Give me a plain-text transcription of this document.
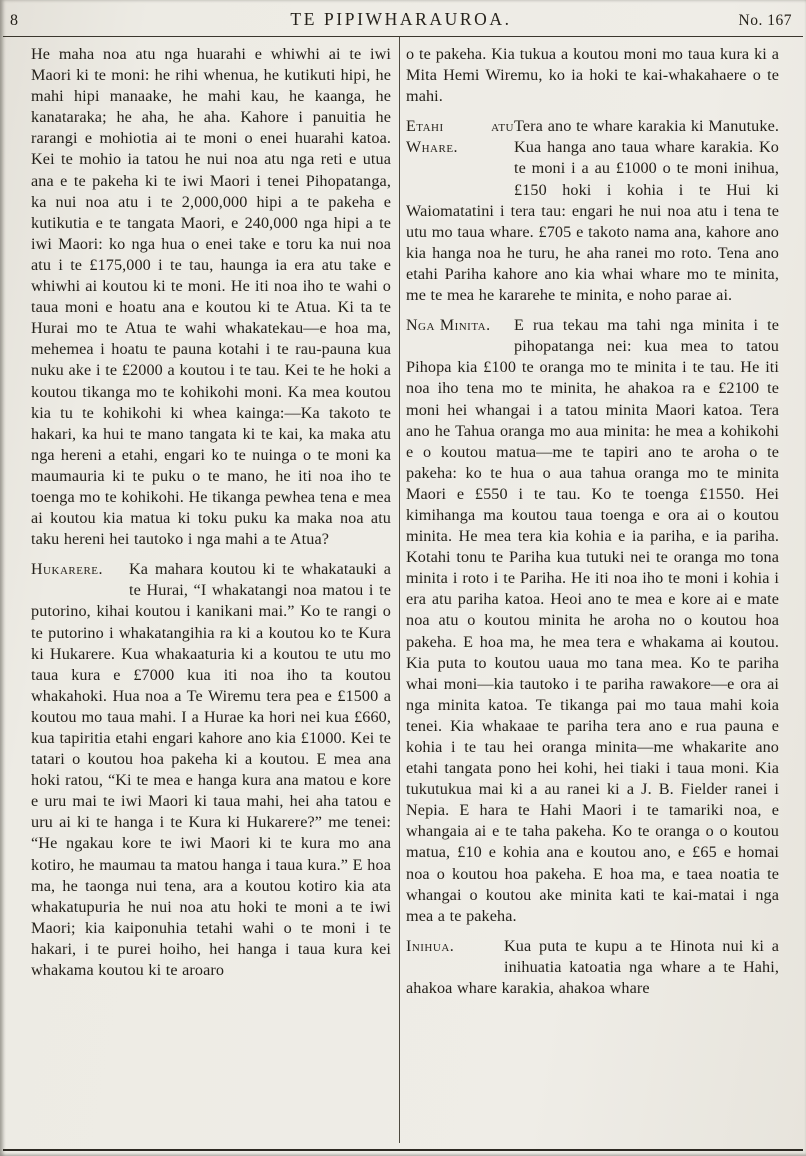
8	TE PIPIWHARAUROA.	No. 167

He maha noa atu nga huarahi e whiwhi ai te iwi Maori ki te moni: he rihi whenua, he kutikuti hipi, he mahi hipi manaake, he mahi kau, he kaanga, he kanataraka; he aha, he aha. Kahore i panuitia he rarangi e mohiotia ai te moni o enei huarahi katoa. Kei te mohio ia tatou he nui noa atu nga reti e utua ana e te pakeha ki te iwi Maori i tenei Pihopatanga, ka nui noa atu i te 2,000,000 hipi a te pakeha e kutikutia e te tangata Maori, e 240,000 nga hipi a te iwi Maori: ko nga hua o enei take e toru ka nui noa atu i te £175,000 i te tau, haunga ia era atu take e whiwhi ai koutou ki te moni. He iti noa iho te wahi o taua moni e hoatu ana e koutou ki te Atua. Ki ta te Hurai mo te Atua te wahi whakatekau—e hoa ma, mehemea i hoatu te pauna kotahi i te rau-pauna kua nuku ake i te £2000 a koutou i te tau. Kei te he hoki a koutou tikanga mo te kohikohi moni. Ka mea koutou kia tu te kohikohi ki whea kainga:—Ka takoto te hakari, ka hui te mano tangata ki te kai, ka maka atu nga hereni a etahi, engari ko te nuinga o te moni ka maumauria ki te puku o te mano, he iti noa iho te toenga mo te kohikohi. He tikanga pewhea tena e mea ai koutou kia matua ki toku puku ka maka noa atu taku hereni hei tautoko i nga mahi a te Atua?

Hukarere.	Ka mahara koutou ki te whakatauki a te Hurai, “I whakatangi noa matou i te putorino, kihai koutou i kanikani mai.” Ko te rangi o te putorino i whakatangihia ra ki a koutou ko te Kura ki Hukarere. Kua whakaaturia ki a koutou te utu mo taua kura e £7000 kua iti noa iho ta koutou whakahoki. Hua noa a Te Wiremu tera pea e £1500 a koutou mo taua mahi. I a Hurae ka hori nei kua £660, kua tapiritia etahi engari kahore ano kia £1000. Kei te tatari o koutou hoa pakeha ki a koutou. E mea ana hoki ratou, “Ki te mea e hanga kura ana matou e kore e uru mai te iwi Maori ki taua mahi, hei aha tatou e uru ai ki te hanga i te Kura ki Hukarere?” me tenei: “He ngakau kore te iwi Maori ki te kura mo ana kotiro, he maumau ta matou hanga i taua kura.” E hoa ma, he taonga nui tena, ara a koutou kotiro kia ata whakatupuria he nui noa atu hoki te moni a te iwi Maori; kia kaiponuhia tetahi wahi o te moni i te hakari, i te purei hoiho, hei hanga i taua kura kei whakama koutou ki te aroaro

o te pakeha. Kia tukua a koutou moni mo taua kura ki a Mita Hemi Wiremu, ko ia hoki te kai-whakahaere o te mahi.

Etahi atu Whare.
Tera ano te whare karakia ki Manutuke. Kua hanga ano taua whare karakia. Ko te moni i a au £1000 o te moni inihua, £150 hoki i kohia i te Hui ki Waiomatatini i tera tau: engari he nui noa atu i tena te utu mo taua whare. £705 e takoto nama ana, kahore ano kia hanga noa he turu, he aha ranei mo roto. Tena ano etahi Pariha kahore ano kia whai whare mo te minita, me te mea he kararehe te minita, e noho parae ai.
Nga Minita.	E rua tekau ma tahi nga minita i te pihopatanga nei: kua mea to tatou Pihopa kia £100 te oranga mo te minita i te tau. He iti noa iho tena mo te minita, he ahakoa ra e £2100 te moni hei whangai i a tatou minita Maori katoa. Tera ano he Tahua oranga mo aua minita: he mea a kohikohi e o koutou matua—me te tapiri ano te aroha o te pakeha: ko te hua o aua tahua oranga mo te minita Maori e £550 i te tau. Ko te toenga £1550. Hei kimihanga ma koutou taua toenga e ora ai o koutou minita. He mea tera kia kohia e ia pariha, e ia pariha. Kotahi tonu te Pariha kua tutuki nei te oranga mo tona minita i roto i te Pariha. He iti noa iho te moni i kohia i era atu pariha katoa. Heoi ano te mea e kore ai e mate noa atu o koutou minita he aroha no o koutou hoa pakeha. E hoa ma, he mea tera e whakama ai koutou. Kia puta to koutou uaua mo tana mea. Ko te pariha whai moni—kia tautoko i te pariha rawakore—e ora ai nga minita katoa. Te tikanga pai mo taua mahi koia tenei. Kia whakaae te pariha tera ano e rua pauna e kohia i te tau hei oranga minita—me whakarite ano etahi tangata pono hei kohi, hei tiaki i taua moni. Kia tukutukua mai ki a au ranei ki a J. B. Fielder ranei i Nepia. E hara te Hahi Maori i te tamariki noa, e whangaia ai e te taha pakeha. Ko te oranga o o koutou matua, £10 e kohia ana e koutou ano, e £65 e homai noa o koutou hoa pakeha. E hoa ma, e taea noatia te whangai o koutou ake minita kati te kai-matai i nga mea a te pakeha.
Inihua.	Kua puta te kupu a te Hinota nui ki a inihuatia katoatia nga whare a te Hahi, ahakoa whare karakia, ahakoa whare
